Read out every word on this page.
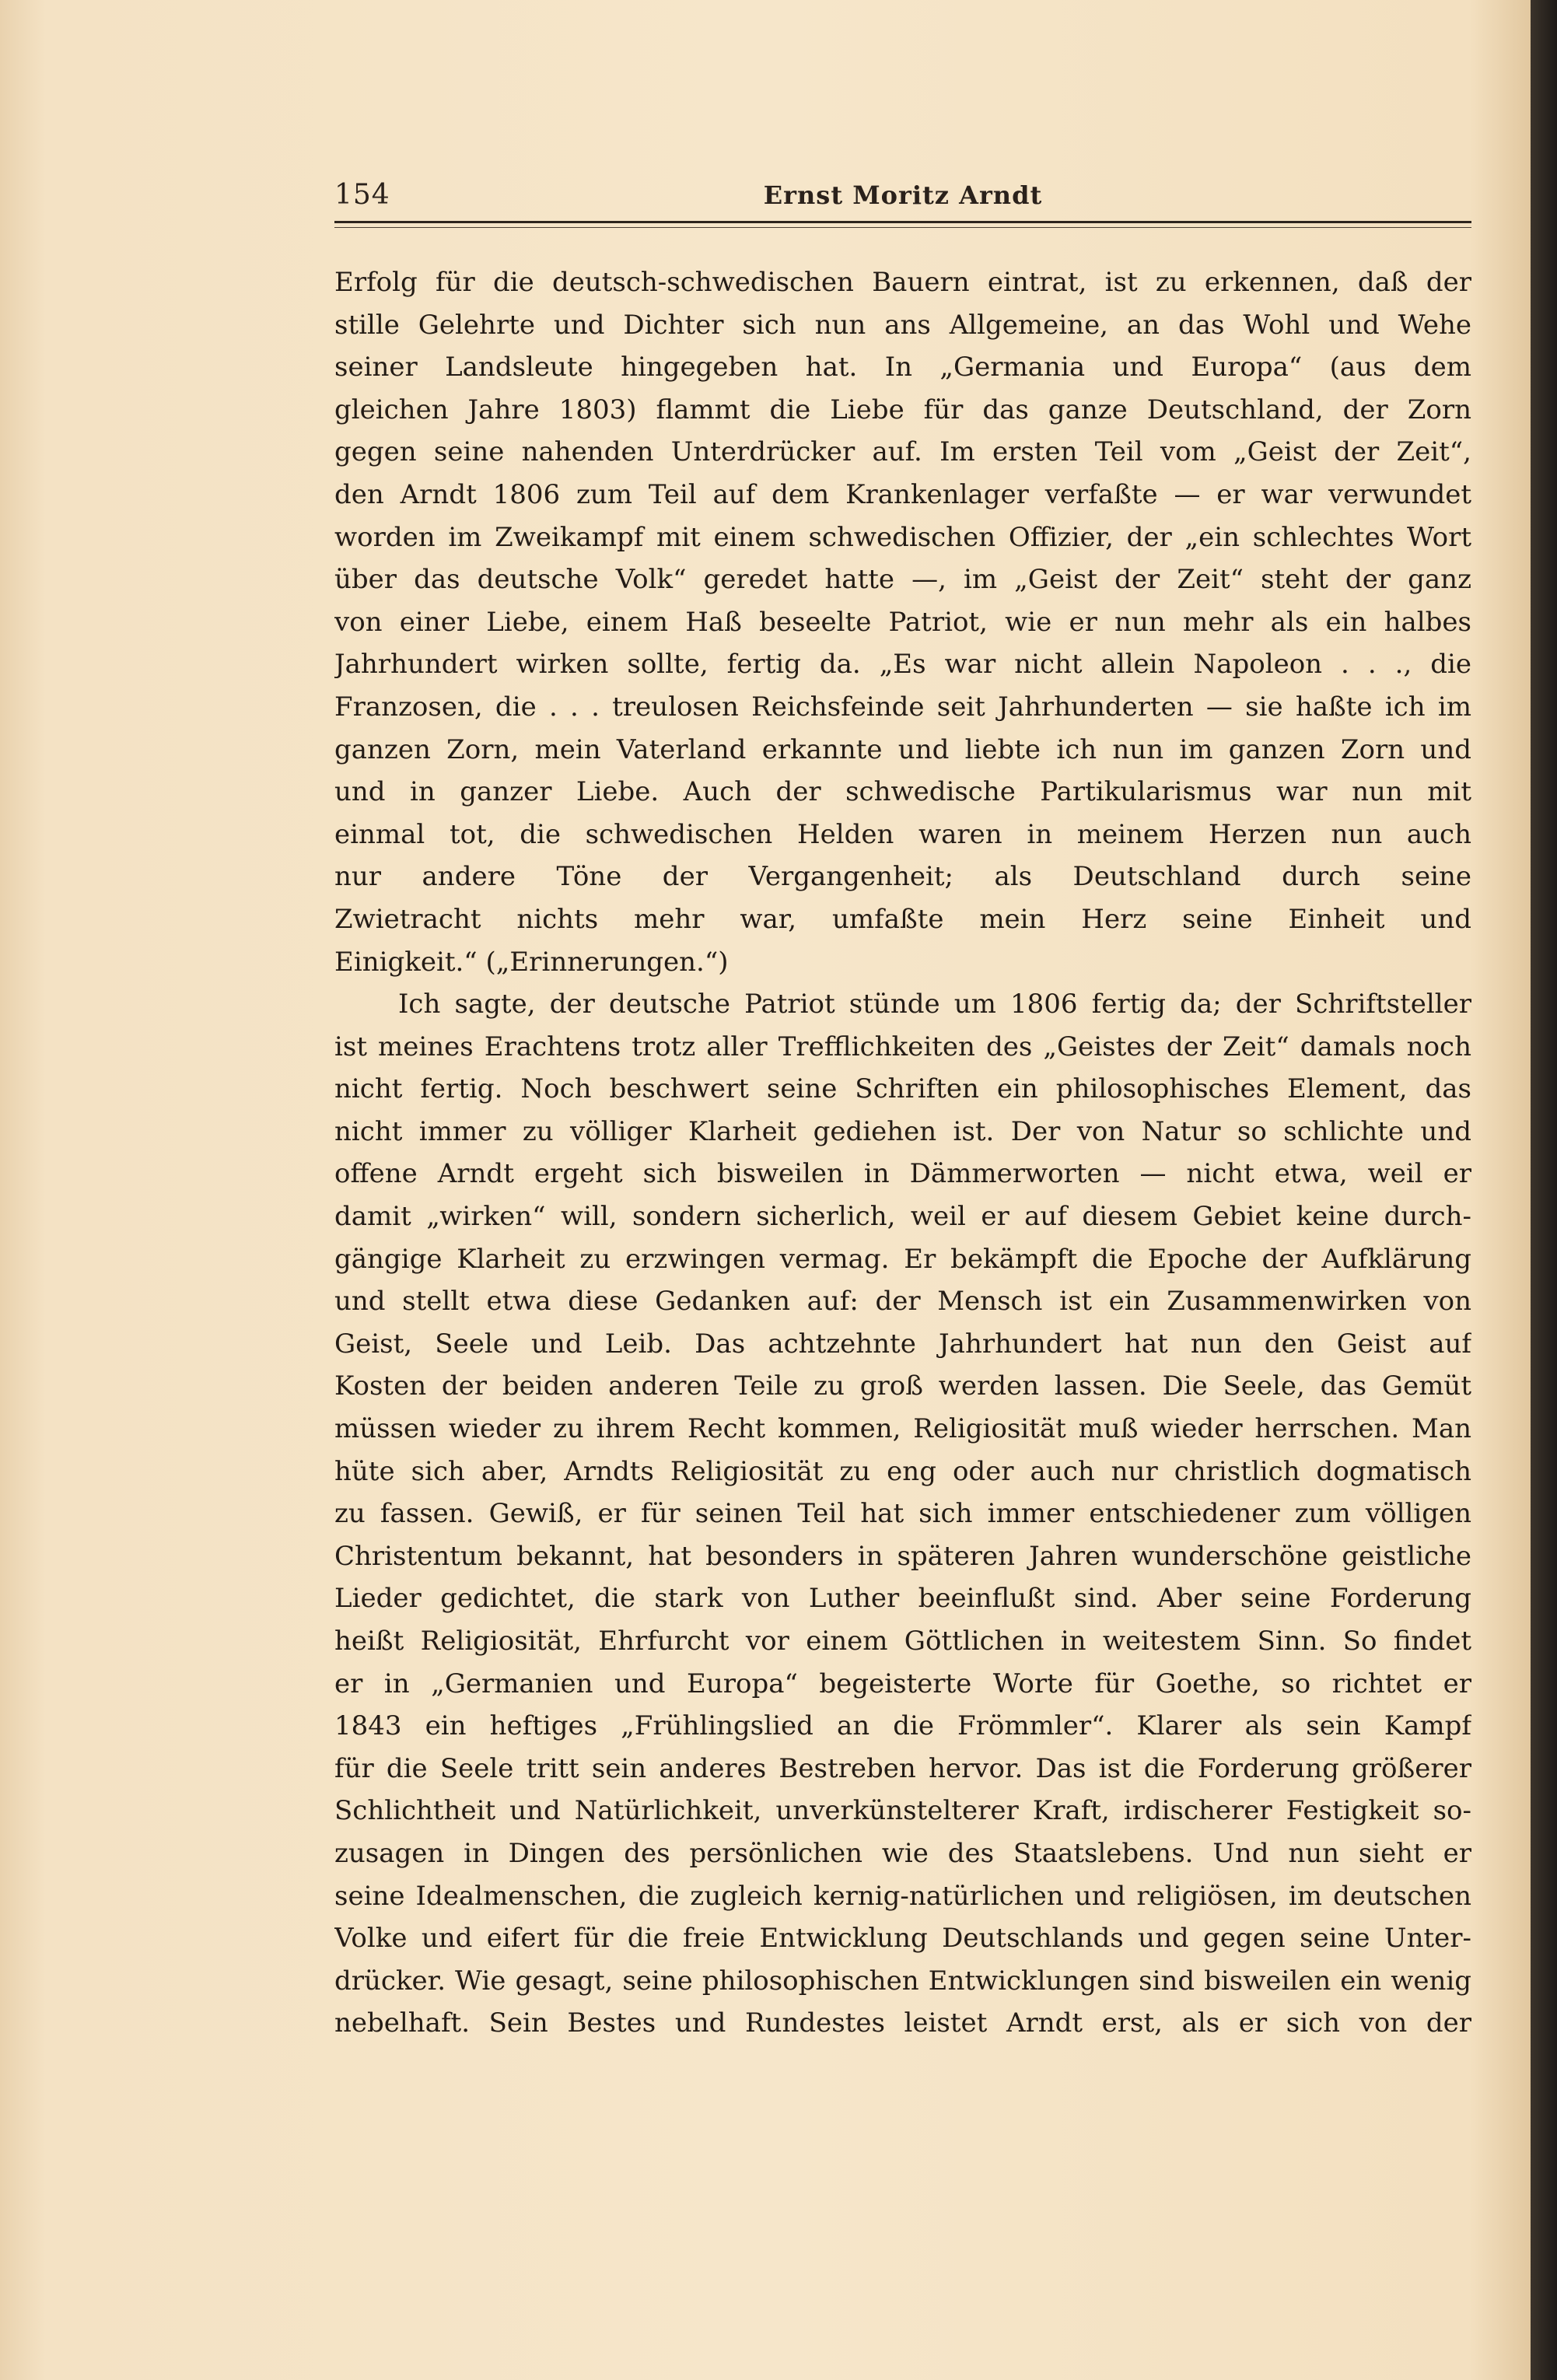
154	Ernst Moritz Arndt
Erfolg für die deutsch-schwedischen Bauern eintrat, ist zu erkennen, daß der
stille Gelehrte und Dichter sich nun ans Allgemeine, an das Wohl und Wehe
seiner Landsleute hingegeben hat. In „Germania und Europa“ (aus dem
gleichen Jahre 1803) flammt die Liebe für das ganze Deutschland, der Zorn
gegen seine nahenden Unterdrücker auf. Im ersten Teil vom „Geist der Zeit“,
den Arndt 1806 zum Teil auf dem Krankenlager verfaßte — er war verwundet
worden im Zweikampf mit einem schwedischen Offizier, der „ein schlechtes Wort
über das deutsche Volk“ geredet hatte —, im „Geist der Zeit“ steht der ganz
von einer Liebe, einem Haß beseelte Patriot, wie er nun mehr als ein halbes
Jahrhundert wirken sollte, fertig da. „Es war nicht allein Napoleon . . ., die
Franzosen, die . . . treulosen Reichsfeinde seit Jahrhunderten — sie haßte ich im
ganzen Zorn, mein Vaterland erkannte und liebte ich nun im ganzen Zorn und
und in ganzer Liebe. Auch der schwedische Partikularismus war nun mit
einmal tot, die schwedischen Helden waren in meinem Herzen nun auch
nur andere Töne der Vergangenheit; als Deutschland durch seine
Zwietracht nichts mehr war, umfaßte mein Herz seine Einheit und
Einigkeit.“ („Erinnerungen.“)
Ich sagte, der deutsche Patriot stünde um 1806 fertig da; der Schriftsteller
ist meines Erachtens trotz aller Trefflichkeiten des „Geistes der Zeit“ damals noch
nicht fertig. Noch beschwert seine Schriften ein philosophisches Element, das
nicht immer zu völliger Klarheit gediehen ist. Der von Natur so schlichte und
offene Arndt ergeht sich bisweilen in Dämmerworten — nicht etwa, weil er
damit „wirken“ will, sondern sicherlich, weil er auf diesem Gebiet keine durch-
gängige Klarheit zu erzwingen vermag. Er bekämpft die Epoche der Aufklärung
und stellt etwa diese Gedanken auf: der Mensch ist ein Zusammenwirken von
Geist, Seele und Leib. Das achtzehnte Jahrhundert hat nun den Geist auf
Kosten der beiden anderen Teile zu groß werden lassen. Die Seele, das Gemüt
müssen wieder zu ihrem Recht kommen, Religiosität muß wieder herrschen. Man
hüte sich aber, Arndts Religiosität zu eng oder auch nur christlich dogmatisch
zu fassen. Gewiß, er für seinen Teil hat sich immer entschiedener zum völligen
Christentum bekannt, hat besonders in späteren Jahren wunderschöne geistliche
Lieder gedichtet, die stark von Luther beeinflußt sind. Aber seine Forderung
heißt Religiosität, Ehrfurcht vor einem Göttlichen in weitestem Sinn. So findet
er in „Germanien und Europa“ begeisterte Worte für Goethe, so richtet er
1843 ein heftiges „Frühlingslied an die Frömmler“. Klarer als sein Kampf
für die Seele tritt sein anderes Bestreben hervor. Das ist die Forderung größerer
Schlichtheit und Natürlichkeit, unverkünstelterer Kraft, irdischerer Festigkeit so-
zusagen in Dingen des persönlichen wie des Staatslebens. Und nun sieht er
seine Idealmenschen, die zugleich kernig-natürlichen und religiösen, im deutschen
Volke und eifert für die freie Entwicklung Deutschlands und gegen seine Unter-
drücker. Wie gesagt, seine philosophischen Entwicklungen sind bisweilen ein wenig
nebelhaft. Sein Bestes und Rundestes leistet Arndt erst, als er sich von der
